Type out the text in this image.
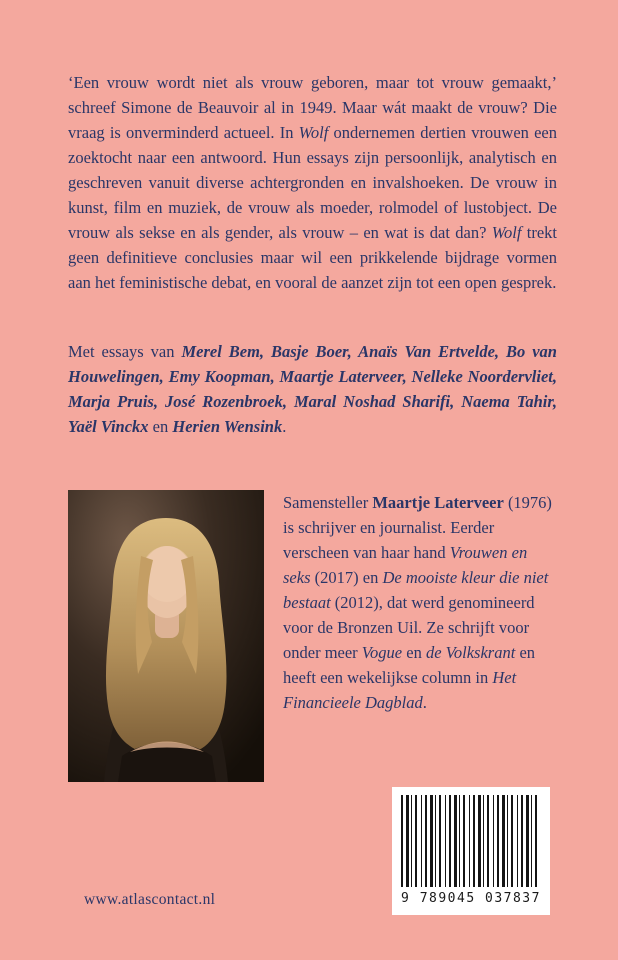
‘Een vrouw wordt niet als vrouw geboren, maar tot vrouw gemaakt,’ schreef Simone de Beauvoir al in 1949. Maar wát maakt de vrouw? Die vraag is onverminderd actueel. In Wolf ondernemen dertien vrouwen een zoektocht naar een antwoord. Hun essays zijn persoonlijk, analytisch en geschreven vanuit diverse achtergronden en invalshoeken. De vrouw in kunst, film en muziek, de vrouw als moeder, rolmodel of lustobject. De vrouw als sekse en als gender, als vrouw – en wat is dat dan? Wolf trekt geen definitieve conclusies maar wil een prikkelende bijdrage vormen aan het feministische debat, en vooral de aanzet zijn tot een open gesprek.

Met essays van Merel Bem, Basje Boer, Anaïs Van Ertvelde, Bo van Houwelingen, Emy Koopman, Maartje Laterveer, Nelleke Noordervliet, Marja Pruis, José Rozenbroek, Maral Noshad Sharifi, Naema Tahir, Yaël Vinckx en Herien Wensink.

Samensteller Maartje Laterveer (1976) is schrijver en journalist. Eerder verscheen van haar hand Vrouwen en seks (2017) en De mooiste kleur die niet bestaat (2012), dat werd genomineerd voor de Bronzen Uil. Ze schrijft voor onder meer Vogue en de Volkskrant en heeft een wekelijkse column in Het Financieele Dagblad.

www.atlascontact.nl	9 789045 037837
